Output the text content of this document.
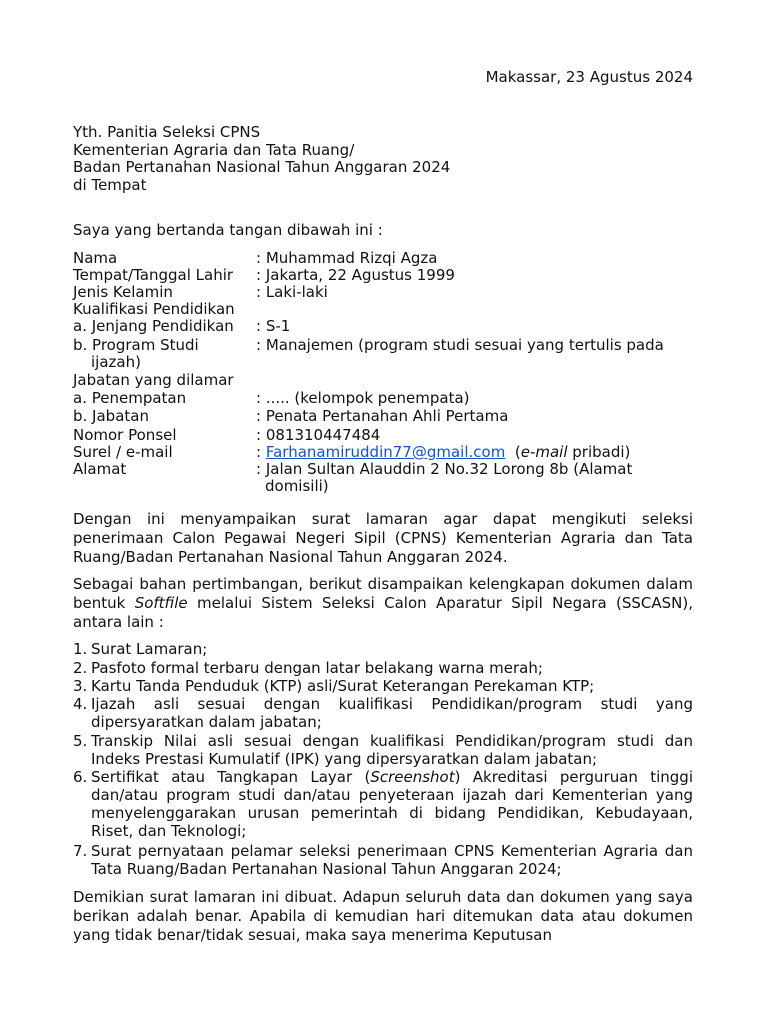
Makassar, 23 Agustus 2024

Yth. Panitia Seleksi CPNS
Kementerian Agraria dan Tata Ruang/
Badan Pertanahan Nasional Tahun Anggaran 2024
di Tempat

Saya yang bertanda tangan dibawah ini :

Nama	: Muhammad Rizqi Agza
Tempat/Tanggal Lahir : Jakarta, 22 Agustus 1999
Jenis Kelamin	: Laki-laki
Kualifikasi Pendidikan
a. Jenjang Pendidikan : S-1
b. Program Studi	: Manajemen (program studi sesuai yang tertulis pada
ijazah)
Jabatan yang dilamar
a. Penempatan	: ..... (kelompok penempata)
b. Jabatan	: Penata Pertanahan Ahli Pertama
Nomor Ponsel	: 081310447484
Surel / e-mail	: Farhanamiruddin77@gmail.com (e-mail pribadi)
Alamat	: Jalan Sultan Alauddin 2 No.32 Lorong 8b (Alamat
domisili)

Dengan ini menyampaikan surat lamaran agar dapat mengikuti seleksi penerimaan Calon Pegawai Negeri Sipil (CPNS) Kementerian Agraria dan Tata Ruang/Badan Pertanahan Nasional Tahun Anggaran 2024.

Sebagai bahan pertimbangan, berikut disampaikan kelengkapan dokumen dalam bentuk Softfile melalui Sistem Seleksi Calon Aparatur Sipil Negara (SSCASN), antara lain :

1. Surat Lamaran;
2. Pasfoto formal terbaru dengan latar belakang warna merah;
3. Kartu Tanda Penduduk (KTP) asli/Surat Keterangan Perekaman KTP;
4. Ijazah asli sesuai dengan kualifikasi Pendidikan/program studi yang dipersyaratkan dalam jabatan;
5. Transkip Nilai asli sesuai dengan kualifikasi Pendidikan/program studi dan Indeks Prestasi Kumulatif (IPK) yang dipersyaratkan dalam jabatan;
6. Sertifikat atau Tangkapan Layar (Screenshot) Akreditasi perguruan tinggi dan/atau program studi dan/atau penyeteraan ijazah dari Kementerian yang menyelenggarakan urusan pemerintah di bidang Pendidikan, Kebudayaan, Riset, dan Teknologi;
7. Surat pernyataan pelamar seleksi penerimaan CPNS Kementerian Agraria dan Tata Ruang/Badan Pertanahan Nasional Tahun Anggaran 2024;

Demikian surat lamaran ini dibuat. Adapun seluruh data dan dokumen yang saya berikan adalah benar. Apabila di kemudian hari ditemukan data atau dokumen yang tidak benar/tidak sesuai, maka saya menerima Keputusan
